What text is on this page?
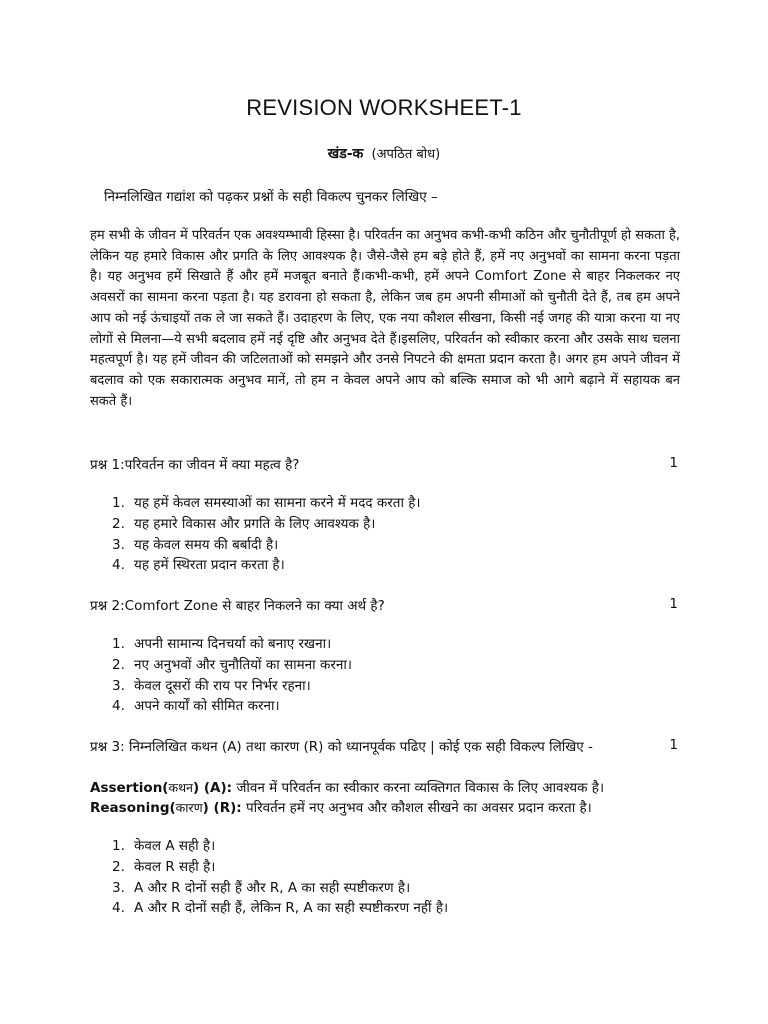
REVISION WORKSHEET-1
खंड-क (अपठित बोध)
निम्नलिखित गद्यांश को पढ़कर प्रश्नों के सही विकल्प चुनकर लिखिए –
हम सभी के जीवन में परिवर्तन एक अवश्यम्भावी हिस्सा है। परिवर्तन का अनुभव कभी-कभी कठिन और चुनौतीपूर्ण हो सकता है, लेकिन यह हमारे विकास और प्रगति के लिए आवश्यक है। जैसे-जैसे हम बड़े होते हैं, हमें नए अनुभवों का सामना करना पड़ता है। यह अनुभव हमें सिखाते हैं और हमें मजबूत बनाते हैं।कभी-कभी, हमें अपने Comfort Zone से बाहर निकलकर नए अवसरों का सामना करना पड़ता है। यह डरावना हो सकता है, लेकिन जब हम अपनी सीमाओं को चुनौती देते हैं, तब हम अपने आप को नई ऊंचाइयों तक ले जा सकते हैं। उदाहरण के लिए, एक नया कौशल सीखना, किसी नई जगह की यात्रा करना या नए लोगों से मिलना—ये सभी बदलाव हमें नई दृष्टि और अनुभव देते हैं।इसलिए, परिवर्तन को स्वीकार करना और उसके साथ चलना महत्वपूर्ण है। यह हमें जीवन की जटिलताओं को समझने और उनसे निपटने की क्षमता प्रदान करता है। अगर हम अपने जीवन में बदलाव को एक सकारात्मक अनुभव मानें, तो हम न केवल अपने आप को बल्कि समाज को भी आगे बढ़ाने में सहायक बन सकते हैं।
प्रश्न 1:परिवर्तन का जीवन में क्या महत्व है?	1
1. यह हमें केवल समस्याओं का सामना करने में मदद करता है।
2. यह हमारे विकास और प्रगति के लिए आवश्यक है।
3. यह केवल समय की बर्बादी है।
4. यह हमें स्थिरता प्रदान करता है।
प्रश्न 2:Comfort Zone से बाहर निकलने का क्या अर्थ है?	1
1. अपनी सामान्य दिनचर्या को बनाए रखना।
2. नए अनुभवों और चुनौतियों का सामना करना।
3. केवल दूसरों की राय पर निर्भर रहना।
4. अपने कार्यों को सीमित करना।
प्रश्न 3: निम्नलिखित कथन (A) तथा कारण (R) को ध्यानपूर्वक पढिए | कोई एक सही विकल्प लिखिए -	1
Assertion(कथन) (A): जीवन में परिवर्तन का स्वीकार करना व्यक्तिगत विकास के लिए आवश्यक है।
Reasoning(कारण) (R): परिवर्तन हमें नए अनुभव और कौशल सीखने का अवसर प्रदान करता है।
1. केवल A सही है।
2. केवल R सही है।
3. A और R दोनों सही हैं और R, A का सही स्पष्टीकरण है।
4. A और R दोनों सही हैं, लेकिन R, A का सही स्पष्टीकरण नहीं है।
